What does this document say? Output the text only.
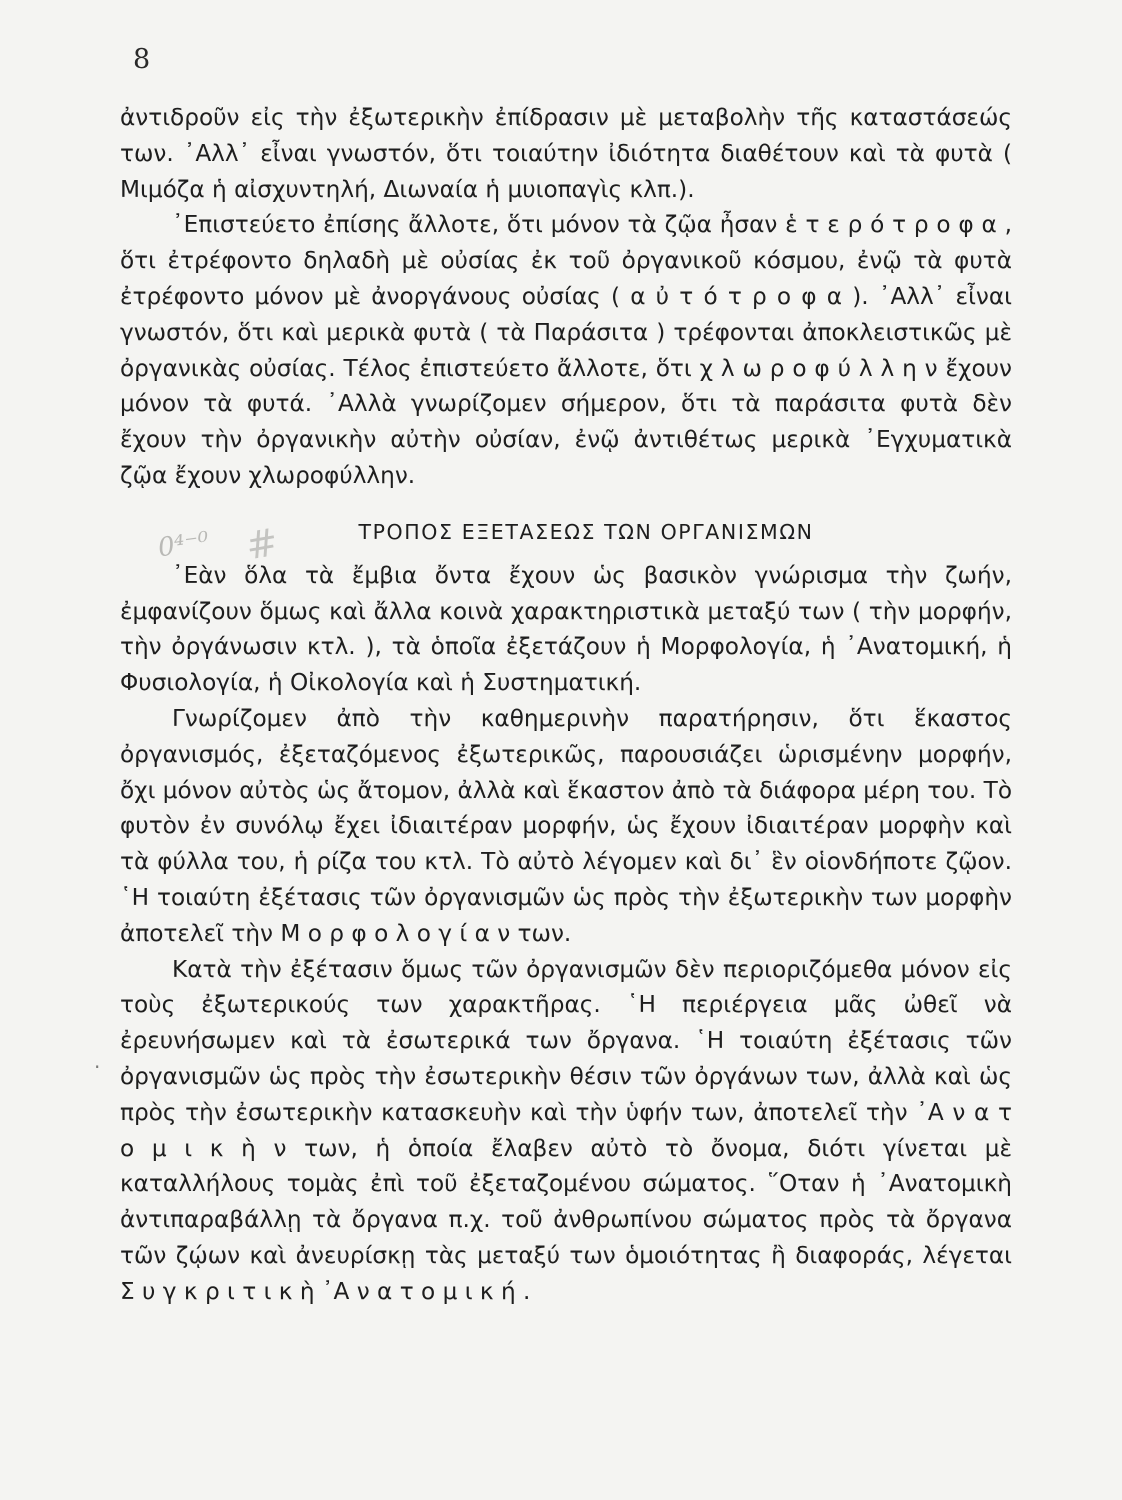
8
0⁴⁻⁰ #
·

ἀντιδροῦν εἰς τὴν ἐξωτερικὴν ἐπίδρασιν μὲ μεταβολὴν τῆς καταστάσεώς των. ᾿Αλλ᾿ εἶναι γνωστόν, ὅτι τοιαύτην ἰδιότητα διαθέτουν καὶ τὰ φυτὰ ( Μιμόζα ἡ αἰσχυντηλή, Διωναία ἡ μυιοπαγὶς κλπ.).

᾿Επιστεύετο ἐπίσης ἄλλοτε, ὅτι μόνον τὰ ζῷα ἦσαν ἑ τ ε ρ ό τ ρ ο φ α , ὅτι ἐτρέφοντο δηλαδὴ μὲ οὐσίας ἐκ τοῦ ὀργανικοῦ κόσμου, ἐνῷ τὰ φυτὰ ἐτρέφοντο μόνον μὲ ἀνοργάνους οὐσίας ( α ὐ τ ό τ ρ ο φ α ). ᾿Αλλ᾿ εἶναι γνωστόν, ὅτι καὶ μερικὰ φυτὰ ( τὰ Παράσιτα ) τρέφονται ἀποκλειστικῶς μὲ ὀργανικὰς οὐσίας. Τέλος ἐπιστεύετο ἄλλοτε, ὅτι χ λ ω ρ ο φ ύ λ λ η ν ἔχουν μόνον τὰ φυτά. ᾿Αλλὰ γνωρίζομεν σήμερον, ὅτι τὰ παράσιτα φυτὰ δὲν ἔχουν τὴν ὀργανικὴν αὐτὴν οὐσίαν, ἐνῷ ἀντιθέτως μερικὰ ᾿Εγχυματικὰ ζῷα ἔχουν χλωροφύλλην.

ΤΡΟΠΟΣ ΕΞΕΤΑΣΕΩΣ ΤΩΝ ΟΡΓΑΝΙΣΜΩΝ

᾿Εὰν ὅλα τὰ ἔμβια ὄντα ἔχουν ὡς βασικὸν γνώρισμα τὴν ζωήν, ἐμφανίζουν ὅμως καὶ ἄλλα κοινὰ χαρακτηριστικὰ μεταξύ των ( τὴν μορφήν, τὴν ὀργάνωσιν κτλ. ), τὰ ὁποῖα ἐξετάζουν ἡ Μορφολογία, ἡ ᾿Ανατομική, ἡ Φυσιολογία, ἡ Οἰκολογία καὶ ἡ Συστηματική.

Γνωρίζομεν ἀπὸ τὴν καθημερινὴν παρατήρησιν, ὅτι ἕκαστος ὀργανισμός, ἐξεταζόμενος ἐξωτερικῶς, παρουσιάζει ὡρισμένην μορφήν, ὄχι μόνον αὐτὸς ὡς ἄτομον, ἀλλὰ καὶ ἕκαστον ἀπὸ τὰ διάφορα μέρη του. Τὸ φυτὸν ἐν συνόλῳ ἔχει ἰδιαιτέραν μορφήν, ὡς ἔχουν ἰδιαιτέραν μορφὴν καὶ τὰ φύλλα του, ἡ ρίζα του κτλ. Τὸ αὐτὸ λέγομεν καὶ δι᾿ ἓν οἱονδήποτε ζῷον. ῾Η τοιαύτη ἐξέτασις τῶν ὀργανισμῶν ὡς πρὸς τὴν ἐξωτερικὴν των μορφὴν ἀποτελεῖ τὴν Μ ο ρ φ ο λ ο γ ί α ν των.

Κατὰ τὴν ἐξέτασιν ὅμως τῶν ὀργανισμῶν δὲν περιοριζόμεθα μόνον εἰς τοὺς ἐξωτερικούς των χαρακτῆρας. ῾Η περιέργεια μᾶς ὠθεῖ νὰ ἐρευνήσωμεν καὶ τὰ ἐσωτερικά των ὄργανα. ῾Η τοιαύτη ἐξέτασις τῶν ὀργανισμῶν ὡς πρὸς τὴν ἐσωτερικὴν θέσιν τῶν ὀργάνων των, ἀλλὰ καὶ ὡς πρὸς τὴν ἐσωτερικὴν κατασκευὴν καὶ τὴν ὑφήν των, ἀποτελεῖ τὴν ᾿Α ν α τ ο μ ι κ ὴ ν των, ἡ ὁποία ἔλαβεν αὐτὸ τὸ ὄνομα, διότι γίνεται μὲ καταλλήλους τομὰς ἐπὶ τοῦ ἐξεταζομένου σώματος. ῞Οταν ἡ ᾿Ανατομικὴ ἀντιπαραβάλλῃ τὰ ὄργανα π.χ. τοῦ ἀνθρωπίνου σώματος πρὸς τὰ ὄργανα τῶν ζῴων καὶ ἀνευρίσκῃ τὰς μεταξύ των ὁμοιότητας ἢ διαφοράς, λέγεται Σ υ γ κ ρ ι τ ι κ ὴ ᾿Α ν α τ ο μ ι κ ή .
